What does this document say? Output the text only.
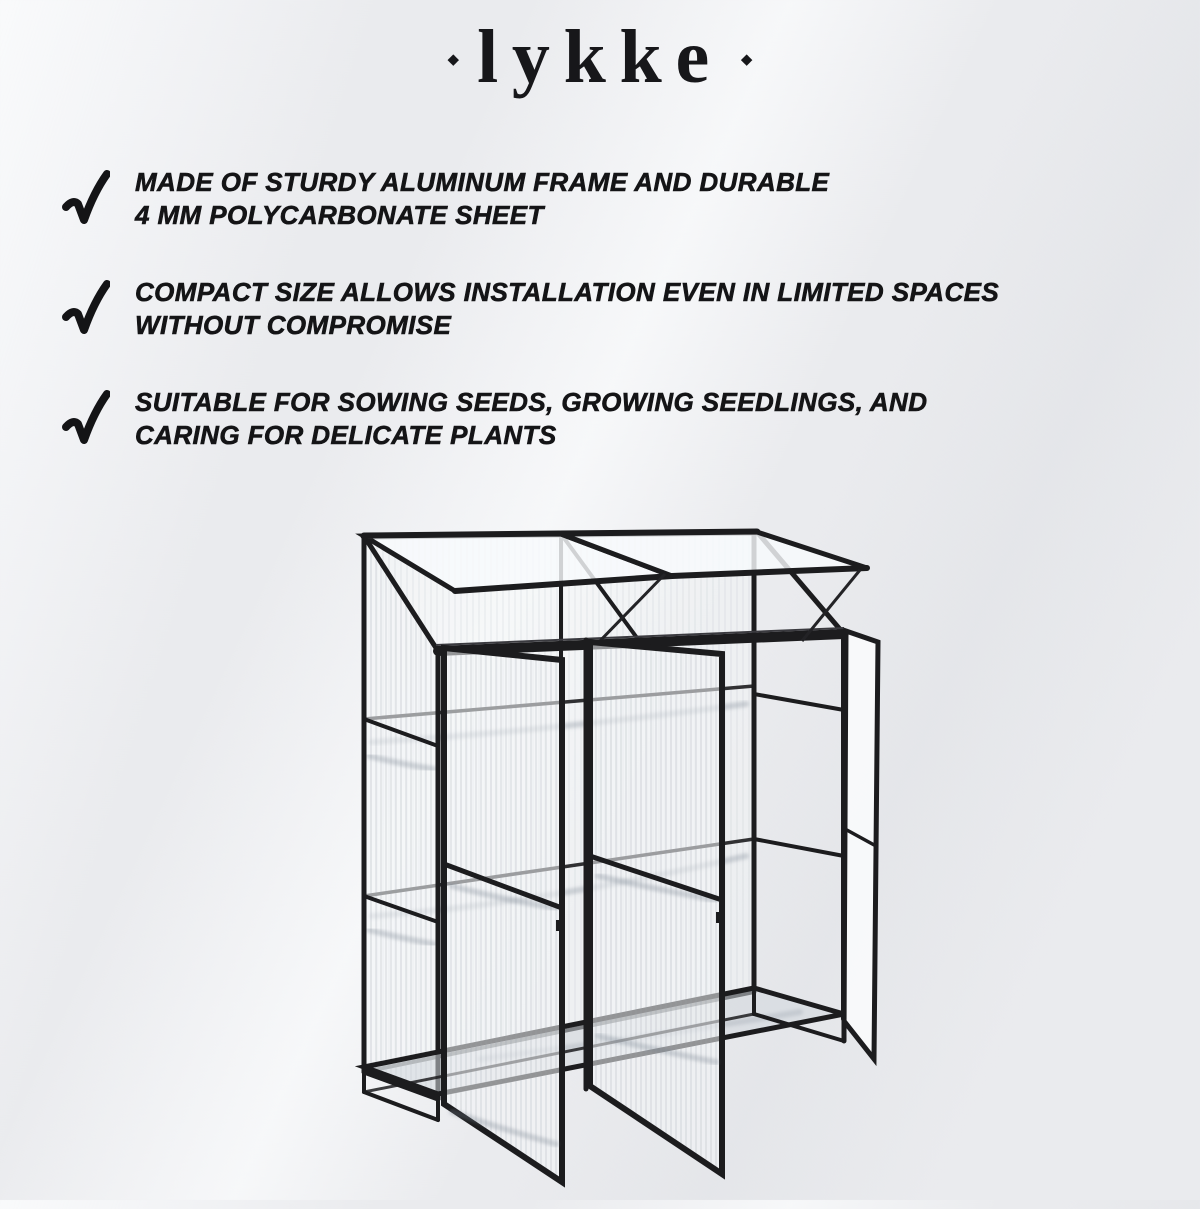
◆ lykke ◆
MADE OF STURDY ALUMINUM FRAME AND DURABLE
4 MM POLYCARBONATE SHEET
COMPACT SIZE ALLOWS INSTALLATION EVEN IN LIMITED SPACES
WITHOUT COMPROMISE
SUITABLE FOR SOWING SEEDS, GROWING SEEDLINGS, AND
CARING FOR DELICATE PLANTS
